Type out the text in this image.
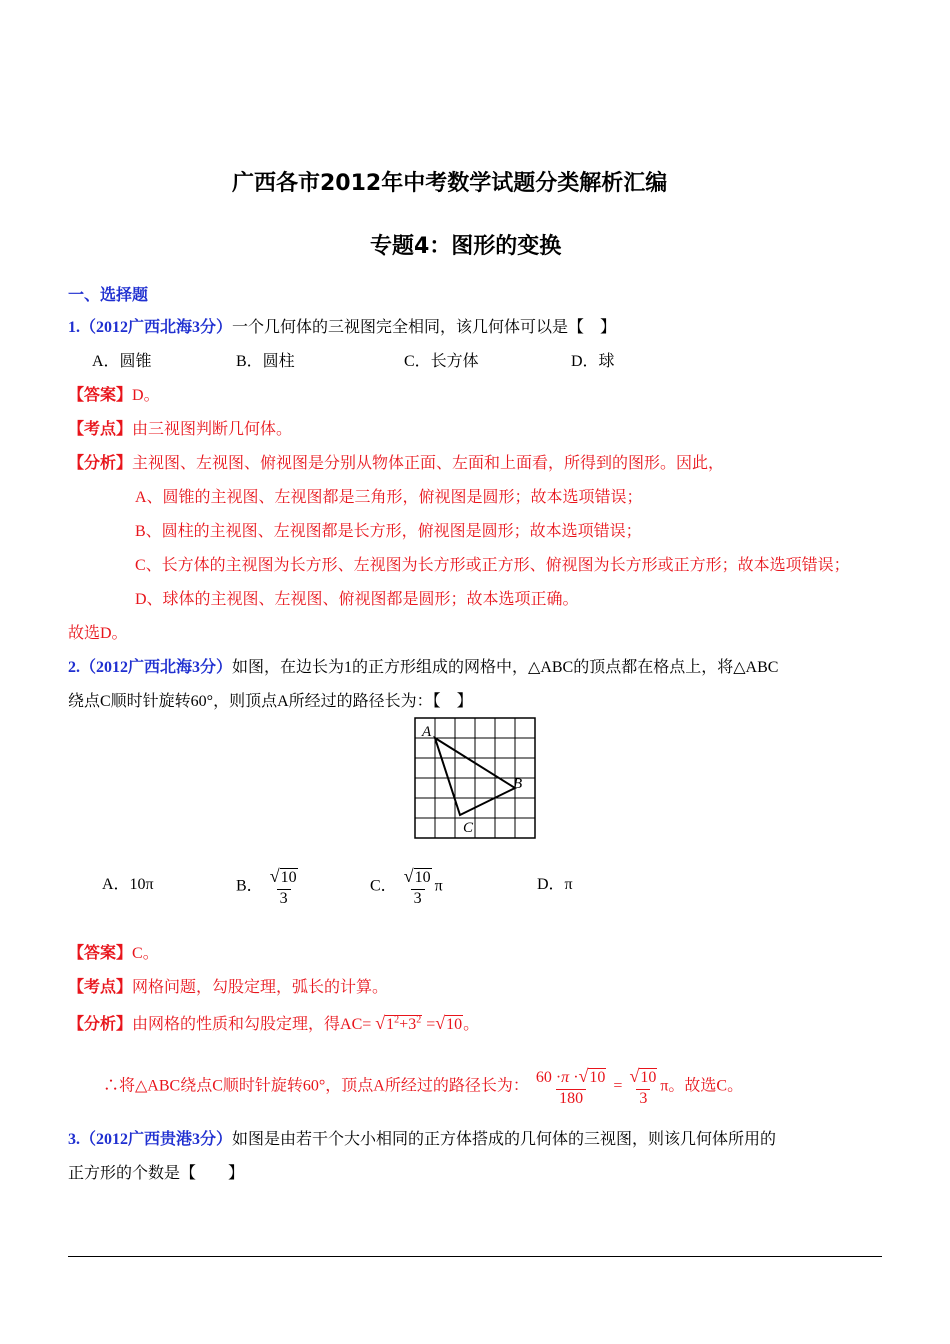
广西各市2012年中考数学试题分类解析汇编
专题4：图形的变换
一、选择题
1.（2012广西北海3分）一个几何体的三视图完全相同，该几何体可以是【　】
A．圆锥	B．圆柱	C．长方体	D．球
【答案】D。
【考点】由三视图判断几何体。
【分析】主视图、左视图、俯视图是分别从物体正面、左面和上面看，所得到的图形。因此，
A、圆锥的主视图、左视图都是三角形，俯视图是圆形；故本选项错误；
B、圆柱的主视图、左视图都是长方形，俯视图是圆形；故本选项错误；
C、长方体的主视图为长方形、左视图为长方形或正方形、俯视图为长方形或正方形；故本选项错误；
D、球体的主视图、左视图、俯视图都是圆形；故本选项正确。
故选D。
2.（2012广西北海3分）如图，在边长为1的正方形组成的网格中，△ABC的顶点都在格点上，将△ABC
绕点C顺时针旋转60°，则顶点A所经过的路径长为：【　】
A
B
C
A．10π	B． $\frac{√10}{3}$	C． $\frac{√10}{3}$ π	D．π
【答案】C。
【考点】网格问题，勾股定理，弧长的计算。
【分析】由网格的性质和勾股定理，得$AC= √1^2+3^2 =√10$。
∴将△ABC绕点C顺时针旋转60°，顶点A所经过的路径长为： $\frac{60 \cdot\pi \cdot√10}{180} = \frac{√10}{3}$ π。故选C。
3.（2012广西贵港3分）如图是由若干个大小相同的正方体搭成的几何体的三视图，则该几何体所用的
正方形的个数是【　　】
